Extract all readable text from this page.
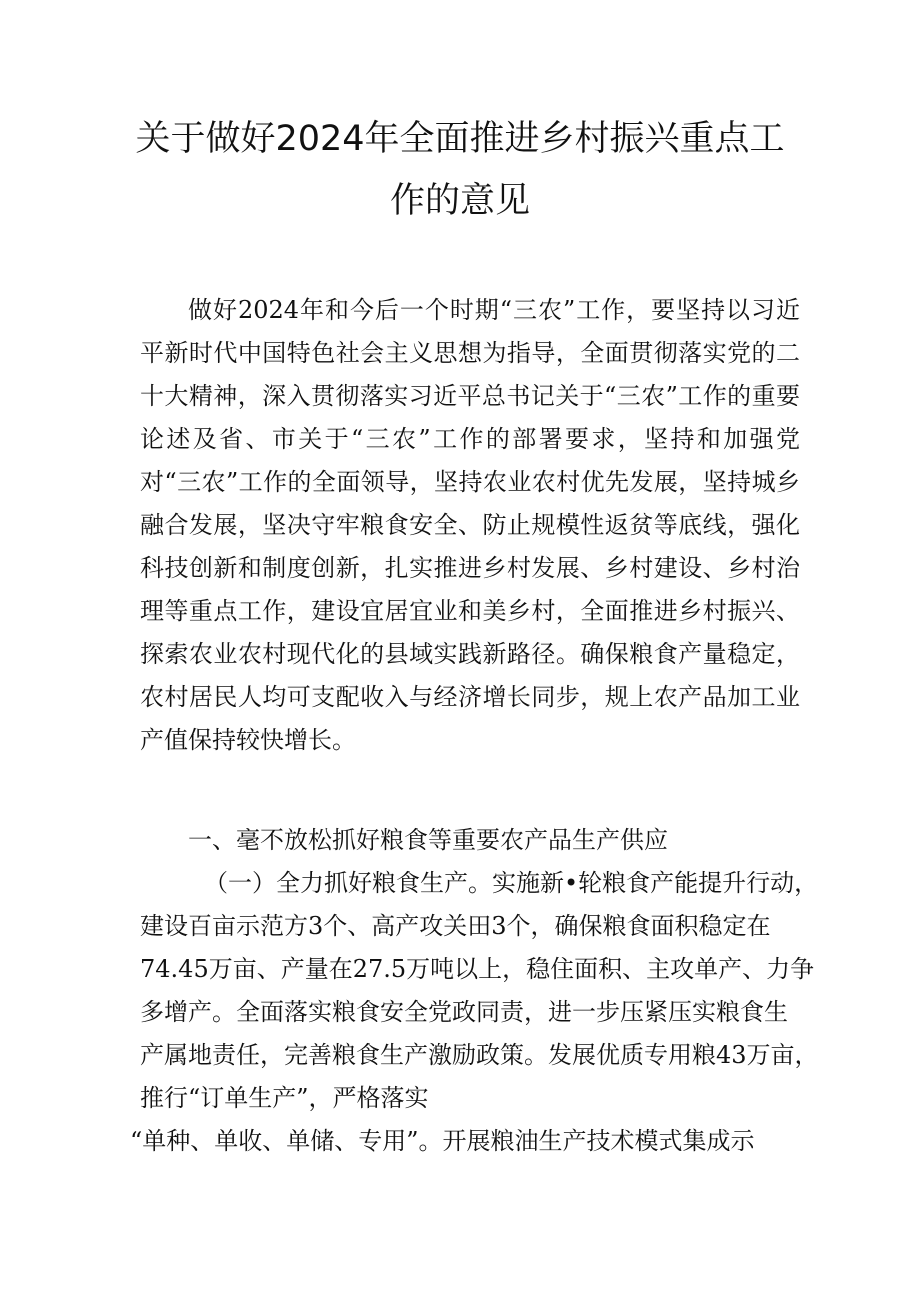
关于做好2024年全面推进乡村振兴重点工
作的意见

做好2024年和今后一个时期“三农”工作，要坚持以习近平新时代中国特色社会主义思想为指导，全面贯彻落实党的二十大精神，深入贯彻落实习近平总书记关于“三农”工作的重要论述及省、市关于“三农”工作的部署要求，坚持和加强党对“三农”工作的全面领导，坚持农业农村优先发展，坚持城乡融合发展，坚决守牢粮食安全、防止规模性返贫等底线，强化科技创新和制度创新，扎实推进乡村发展、乡村建设、乡村治理等重点工作，建设宜居宜业和美乡村，全面推进乡村振兴、探索农业农村现代化的县域实践新路径。确保粮食产量稳定，农村居民人均可支配收入与经济增长同步，规上农产品加工业产值保持较快增长。

一、毫不放松抓好粮食等重要农产品生产供应

（一）全力抓好粮食生产。实施新•轮粮食产能提升行动，
建设百亩示范方3个、高产攻关田3个，确保粮食面积稳定在
74.45万亩、产量在27.5万吨以上，稳住面积、主攻单产、力争
多增产。全面落实粮食安全党政同责，进一步压紧压实粮食生
产属地责任，完善粮食生产激励政策。发展优质专用粮43万亩，
推行“订单生产”，严格落实
“单种、单收、单储、专用”。开展粮油生产技术模式集成示
